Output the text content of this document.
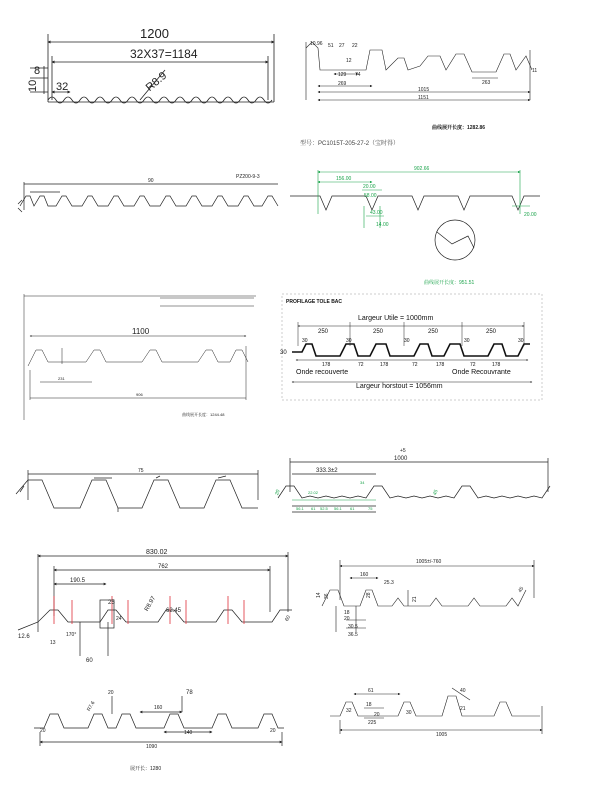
1200
32X37=1184
8
10 32	R8.9
10.96 51 27 22
12
129 74
269	263
1015
1151
11
曲线展开长度：1282.86
型号：PC1015T-205-27-2（宝时得）
PZ200-9-3
90
902.66
156.00
20.00
58.00
43.00
14.00
20.00
曲线展开长度：951.51
1100
231
906
曲线展开长度：1244.48
PROFILAGE TOLE BAC
Largeur Utile = 1000mm
250	250	250	250
30	30	30	30	30
30
178	72	178	72	178	72	178
Onde recouverte	Onde Recouvrante
Largeur horstout = 1056mm
75
1000
+5
333.3±2
20
56.1 61 52.5 56.1 61	75
22.02
34
45
830.02
762
190.5
25
24
R8.97 62.45
12.6
13
170°
60
60
1005±/-760
160
14 36
25.3
18
20
36.5
30.5
28
21
45
R7.6
20	78
160
140
20	20
1090
展开长：1280
61
18
20
32	30
21
225
40
1005
